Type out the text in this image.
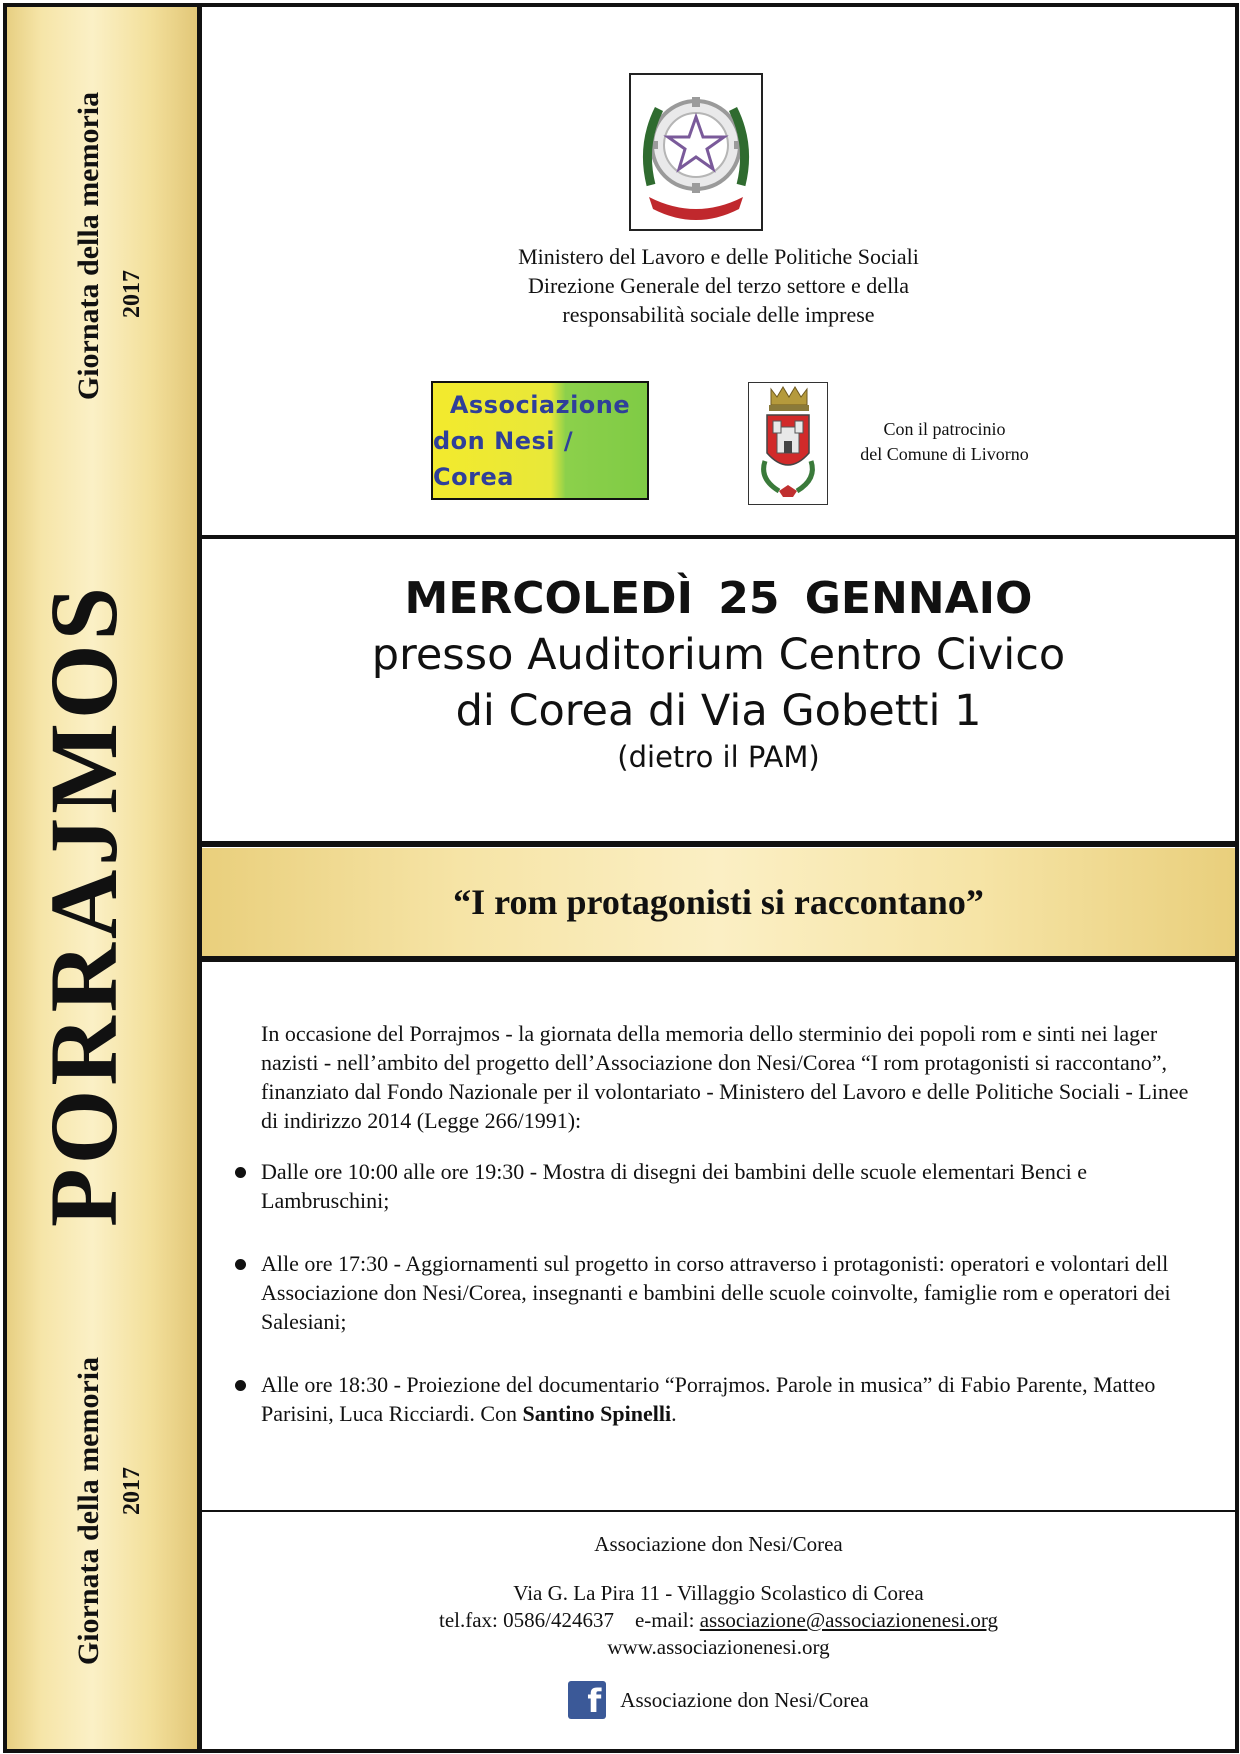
Giornata della memoria 2017
PORRAJMOS
Giornata della memoria 2017
Ministero del Lavoro e delle Politiche Sociali
Direzione Generale del terzo settore e della
responsabilità sociale delle imprese
Associazione
don Nesi / Corea
Con il patrocinio
del Comune di Livorno
MERCOLEDÌ 25 GENNAIO
presso Auditorium Centro Civico
di Corea di Via Gobetti 1
(dietro il PAM)
“I rom protagonisti si raccontano”

In occasione del Porrajmos - la giornata della memoria dello sterminio dei popoli rom e sinti nei lager nazisti - nell’ambito del progetto dell’Associazione don Nesi/Corea “I rom protagonisti si raccontano”, finanziato dal Fondo Nazionale per il volontariato - Ministero del Lavoro e delle Politiche Sociali - Linee di indirizzo 2014 (Legge 266/1991):

Dalle ore 10:00 alle ore 19:30 - Mostra di disegni dei bambini delle scuole elementari Benci e Lambruschini;
Alle ore 17:30 - Aggiornamenti sul progetto in corso attraverso i protagonisti: operatori e volontari dell Associazione don Nesi/Corea, insegnanti e bambini delle scuole coinvolte, famiglie rom e operatori dei Salesiani;
Alle ore 18:30 - Proiezione del documentario “Porrajmos. Parole in musica” di Fabio Parente, Matteo Parisini, Luca Ricciardi. Con Santino Spinelli.
Associazione don Nesi/Corea
Via G. La Pira 11 - Villaggio Scolastico di Corea
tel.fax: 0586/424637 e-mail: associazione@associazionenesi.org
www.associazionenesi.org
f Associazione don Nesi/Corea
